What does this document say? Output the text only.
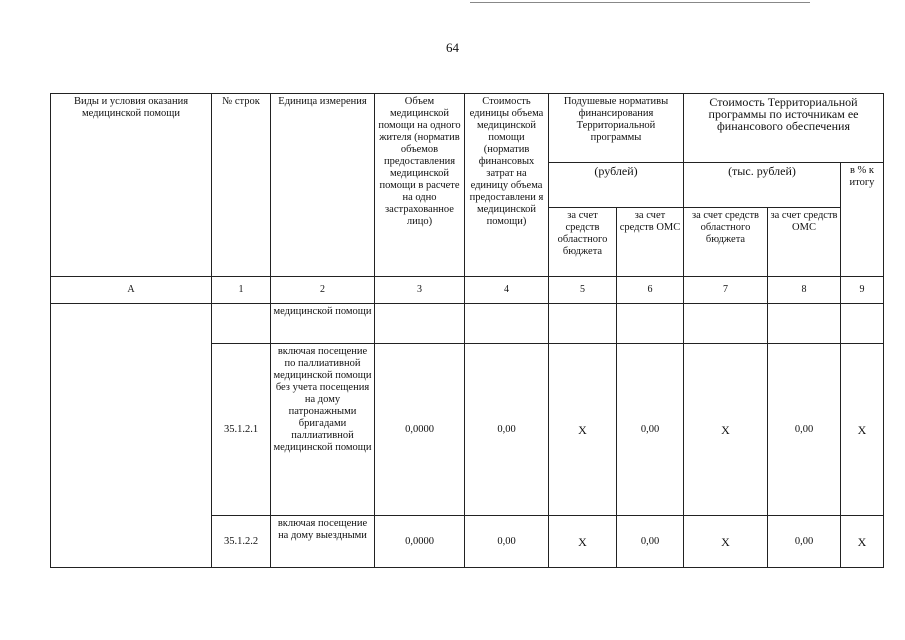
64
Виды и условия оказания медицинской помощи	№ строк	Единица измерения	Объем медицинской помощи на одного жителя (норматив объемов предоставления медицинской помощи в расчете на одно застрахованное лицо)	Стоимость единицы объема медицинской помощи (норматив финансовых затрат на единицу объема предоставлени я медицинской помощи)	Подушевые нормативы финансирования Территориальной программы		Стоимость Территориальной программы по источникам ее финансового обеспечения		
					(рублей)		(тыс. рублей)		в % к итогу
					за счет средств областного бюджета	за счет средств ОМС	за счет средств областного бюджета	за счет средств ОМС	
А	1	2	3	4	5	6	7	8	9
		медицинской помощи							
	35.1.2.1	включая посещение по паллиативной медицинской помощи без учета посещения на дому патронажными бригадами паллиативной медицинской помощи	0,0000	0,00	Х	0,00	Х	0,00	Х
	35.1.2.2	включая посещение на дому выездными	0,0000	0,00	Х	0,00	Х	0,00	Х
